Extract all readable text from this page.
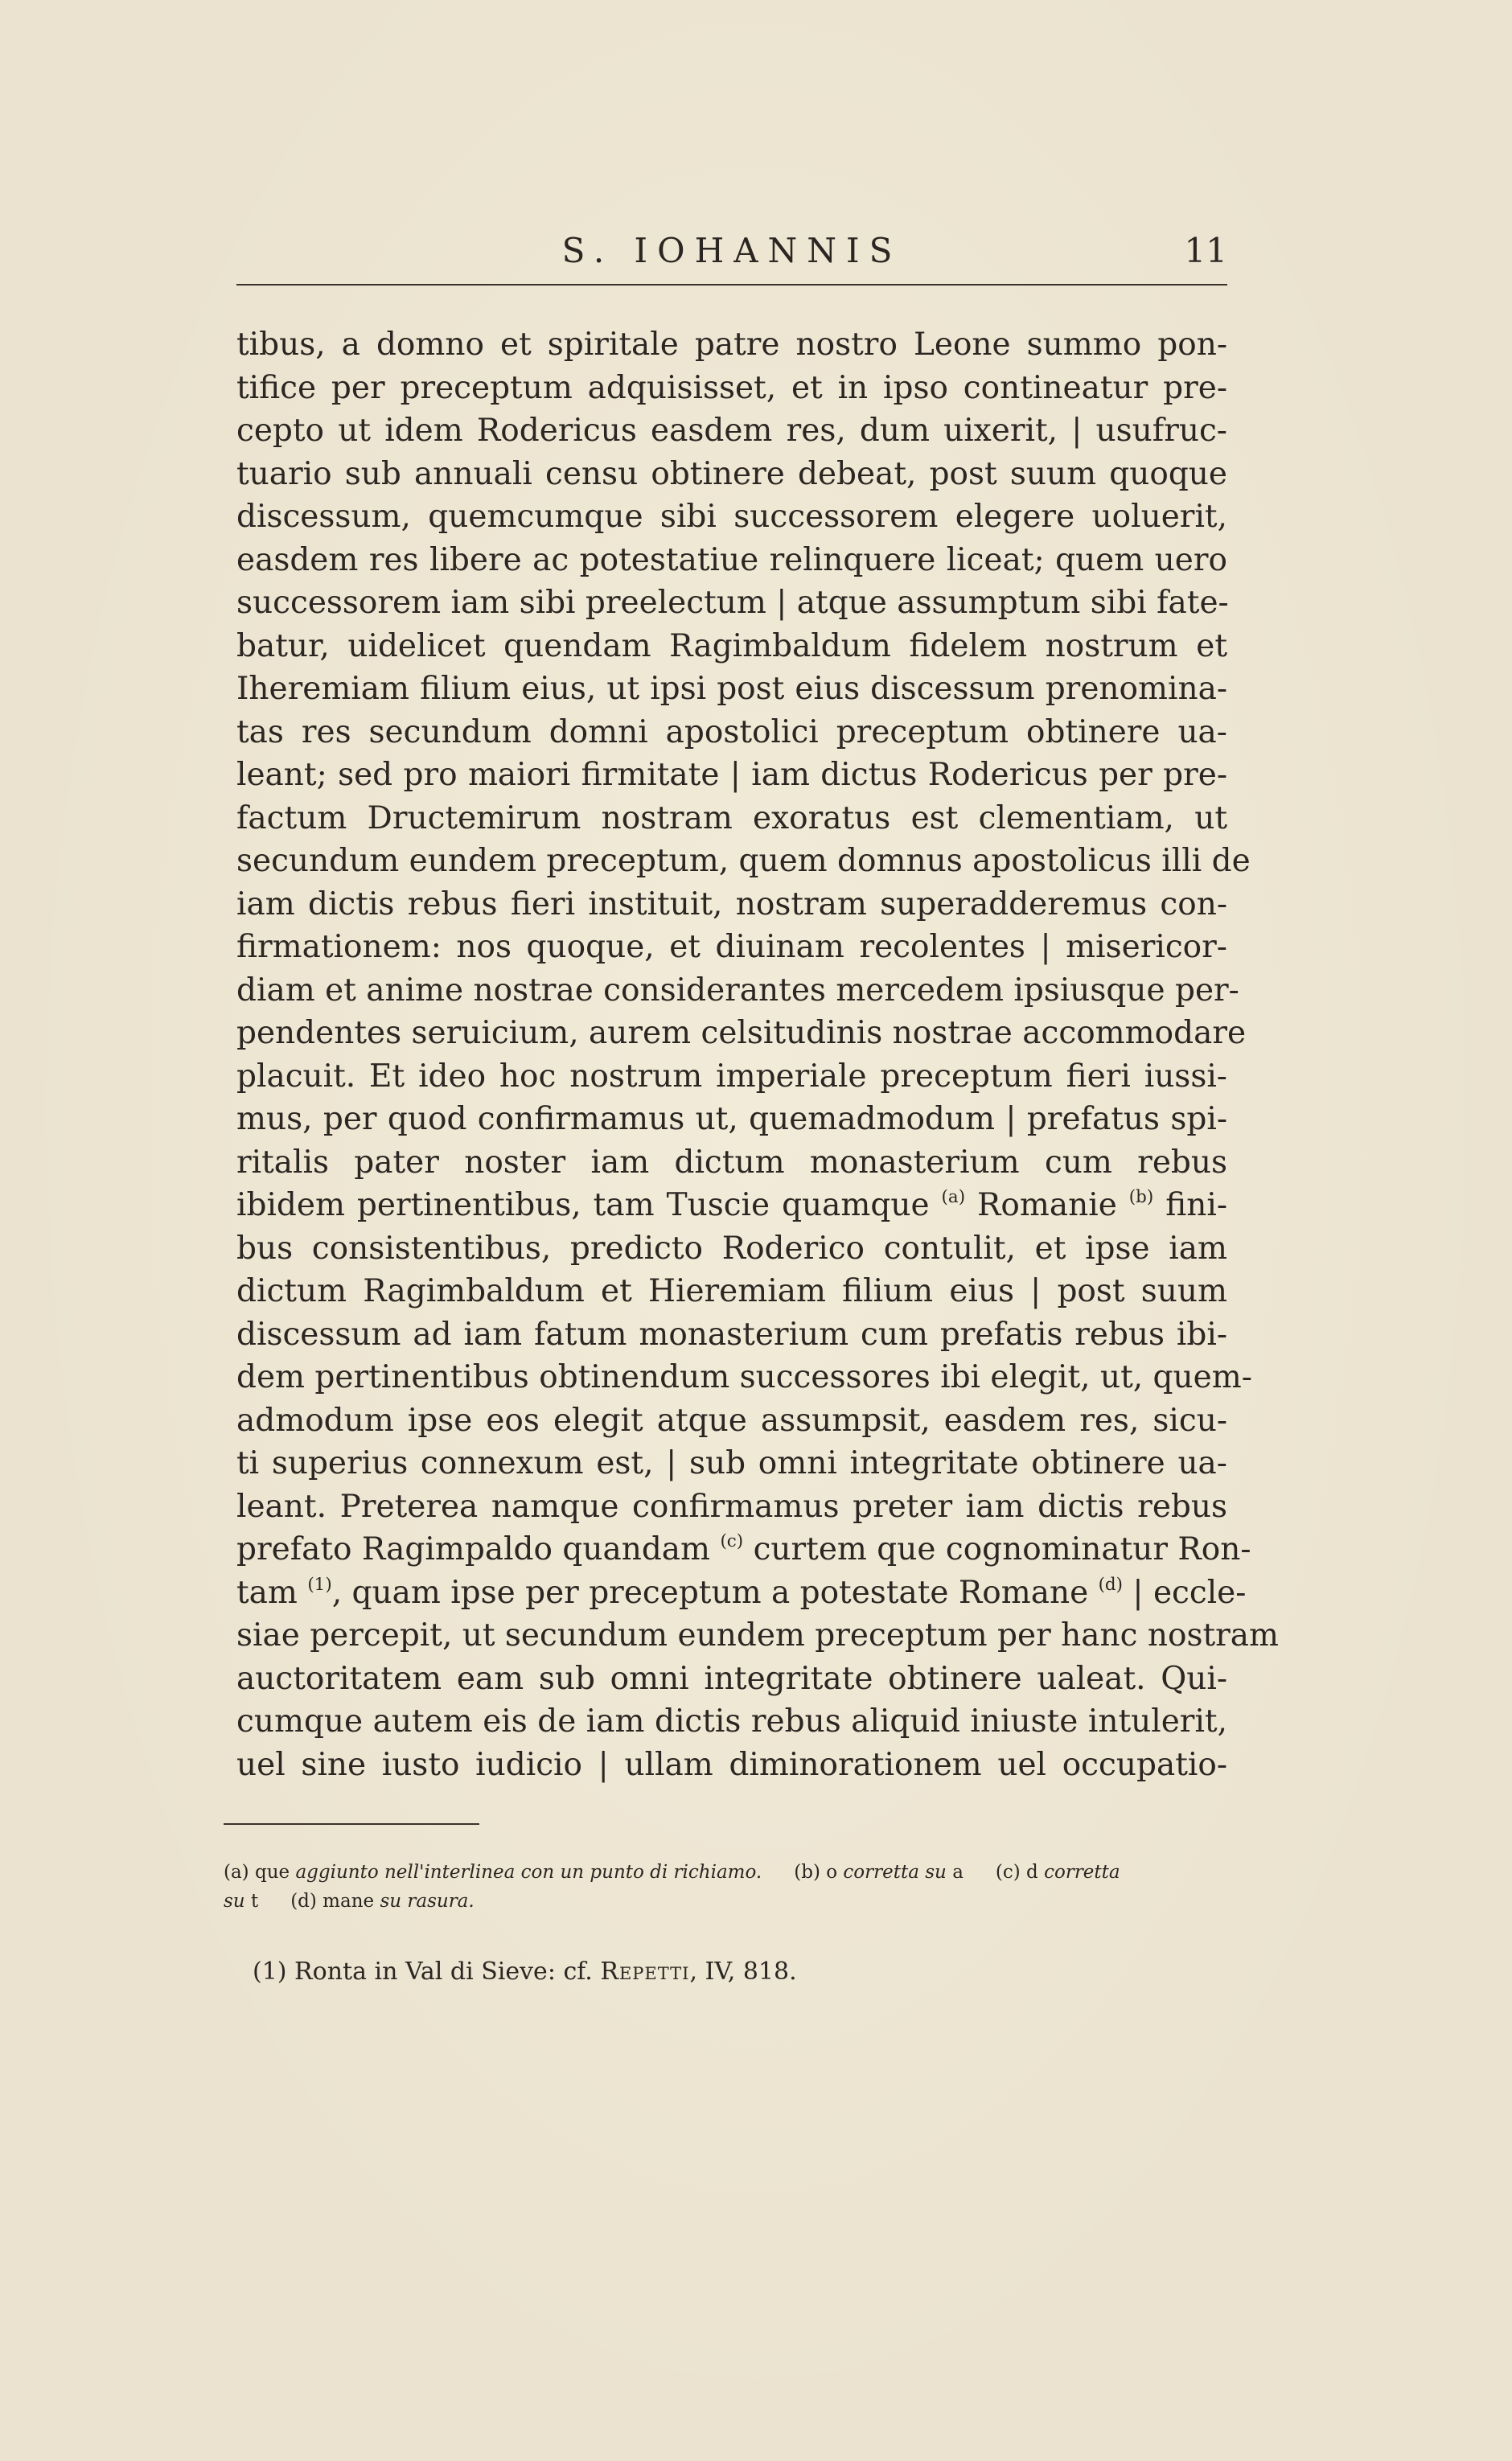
S. IOHANNIS	11
tibus, a domno et spiritale patre nostro Leone summo pon-
tifice per preceptum adquisisset, et in ipso contineatur pre-
cepto ut idem Rodericus easdem res, dum uixerit, | usufruc-
tuario sub annuali censu obtinere debeat, post suum quoque
discessum, quemcumque sibi successorem elegere uoluerit,
easdem res libere ac potestatiue relinquere liceat; quem uero
successorem iam sibi preelectum | atque assumptum sibi fate-
batur, uidelicet quendam Ragimbaldum fidelem nostrum et
Iheremiam filium eius, ut ipsi post eius discessum prenomina-
tas res secundum domni apostolici preceptum obtinere ua-
leant; sed pro maiori firmitate | iam dictus Rodericus per pre-
factum Dructemirum nostram exoratus est clementiam, ut
secundum eundem preceptum, quem domnus apostolicus illi de
iam dictis rebus fieri instituit, nostram superadderemus con-
firmationem: nos quoque, et diuinam recolentes | misericor-
diam et anime nostrae considerantes mercedem ipsiusque per-
pendentes seruicium, aurem celsitudinis nostrae accommodare
placuit. Et ideo hoc nostrum imperiale preceptum fieri iussi-
mus, per quod confirmamus ut, quemadmodum | prefatus spi-
ritalis pater noster iam dictum monasterium cum rebus
ibidem pertinentibus, tam Tuscie quamque $^{(a)}$ Romanie $^{(b)}$ fini-
bus consistentibus, predicto Roderico contulit, et ipse iam
dictum Ragimbaldum et Hieremiam filium eius | post suum
discessum ad iam fatum monasterium cum prefatis rebus ibi-
dem pertinentibus obtinendum successores ibi elegit, ut, quem-
admodum ipse eos elegit atque assumpsit, easdem res, sicu-
ti superius connexum est, | sub omni integritate obtinere ua-
leant. Preterea namque confirmamus preter iam dictis rebus
prefato Ragimpaldo quandam $^{(c)}$ curtem que cognominatur Ron-
tam $^{(1)}$, quam ipse per preceptum a potestate Romane $^{(d)}$ | eccle-
siae percepit, ut secundum eundem preceptum per hanc nostram
auctoritatem eam sub omni integritate obtinere ualeat. Qui-
cumque autem eis de iam dictis rebus aliquid iniuste intulerit,
uel sine iusto iudicio | ullam diminorationem uel occupatio-
(a) que aggiunto nell'interlinea con un punto di richiamo. (b) o corretta su a (c) d corretta
su t (d) mane su rasura.
(1) Ronta in Val di Sieve: cf. Repetti, IV, 818.
